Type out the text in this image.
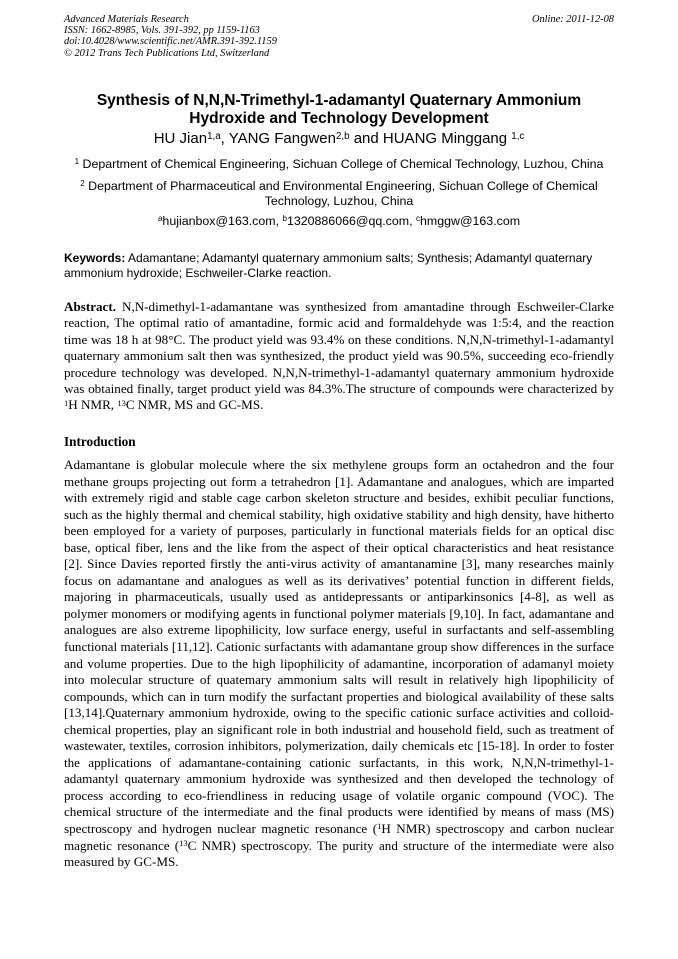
Advanced Materials Research
ISSN: 1662-8985, Vols. 391-392, pp 1159-1163
doi:10.4028/www.scientific.net/AMR.391-392.1159
© 2012 Trans Tech Publications Ltd, Switzerland
Online: 2011-12-08
Synthesis of N,N,N-Trimethyl-1-adamantyl Quaternary Ammonium
Hydroxide and Technology Development
HU Jian$^{1,a}$, YANG Fangwen$^{2,b}$ and HUANG Minggang $^{1,c}$
$^1$ Department of Chemical Engineering, Sichuan College of Chemical Technology, Luzhou, China
$^2$ Department of Pharmaceutical and Environmental Engineering, Sichuan College of Chemical Technology, Luzhou, China
$^a$hujianbox@163.com, $^b$1320886066@qq.com, $^c$hmggw@163.com
Keywords: Adamantane; Adamantyl quaternary ammonium salts; Synthesis; Adamantyl quaternary ammonium hydroxide; Eschweiler-Clarke reaction.

Abstract. N,N-dimethyl-1-adamantane was synthesized from amantadine through Eschweiler-Clarke reaction, The optimal ratio of amantadine, formic acid and formaldehyde was 1:5:4, and the reaction time was 18 h at 98°C. The product yield was 93.4% on these conditions. N,N,N-trimethyl-1-adamantyl quaternary ammonium salt then was synthesized, the product yield was 90.5%, succeeding eco-friendly procedure technology was developed. N,N,N-trimethyl-1-adamantyl quaternary ammonium hydroxide was obtained finally, target product yield was 84.3%.The structure of compounds were characterized by $^1$H NMR, $^{13}$C NMR, MS and GC-MS.

Introduction

Adamantane is globular molecule where the six methylene groups form an octahedron and the four methane groups projecting out form a tetrahedron [1]. Adamantane and analogues, which are imparted with extremely rigid and stable cage carbon skeleton structure and besides, exhibit peculiar functions, such as the highly thermal and chemical stability, high oxidative stability and high density, have hitherto been employed for a variety of purposes, particularly in functional materials fields for an optical disc base, optical fiber, lens and the like from the aspect of their optical characteristics and heat resistance [2]. Since Davies reported firstly the anti-virus activity of amantanamine [3], many researches mainly focus on adamantane and analogues as well as its derivatives’ potential function in different fields, majoring in pharmaceuticals, usually used as antidepressants or antiparkinsonics [4-8], as well as polymer monomers or modifying agents in functional polymer materials [9,10]. In fact, adamantane and analogues are also extreme lipophilicity, low surface energy, useful in surfactants and self-assembling functional materials [11,12]. Cationic surfactants with adamantane group show differences in the surface and volume properties. Due to the high lipophilicity of adamantine, incorporation of adamanyl moiety into molecular structure of quatemary ammonium salts will result in relatively high lipophilicity of compounds, which can in turn modify the surfactant properties and biological availability of these salts [13,14].Quaternary ammonium hydroxide, owing to the specific cationic surface activities and colloid-chemical properties, play an significant role in both industrial and household field, such as treatment of wastewater, textiles, corrosion inhibitors, polymerization, daily chemicals etc [15-18]. In order to foster the applications of adamantane-containing cationic surfactants, in this work, N,N,N-trimethyl-1-adamantyl quaternary ammonium hydroxide was synthesized and then developed the technology of process according to eco-friendliness in reducing usage of volatile organic compound (VOC). The chemical structure of the intermediate and the final products were identified by means of mass (MS) spectroscopy and hydrogen nuclear magnetic resonance ($^1$H NMR) spectroscopy and carbon nuclear magnetic resonance ($^{13}$C NMR) spectroscopy. The purity and structure of the intermediate were also measured by GC-MS.
